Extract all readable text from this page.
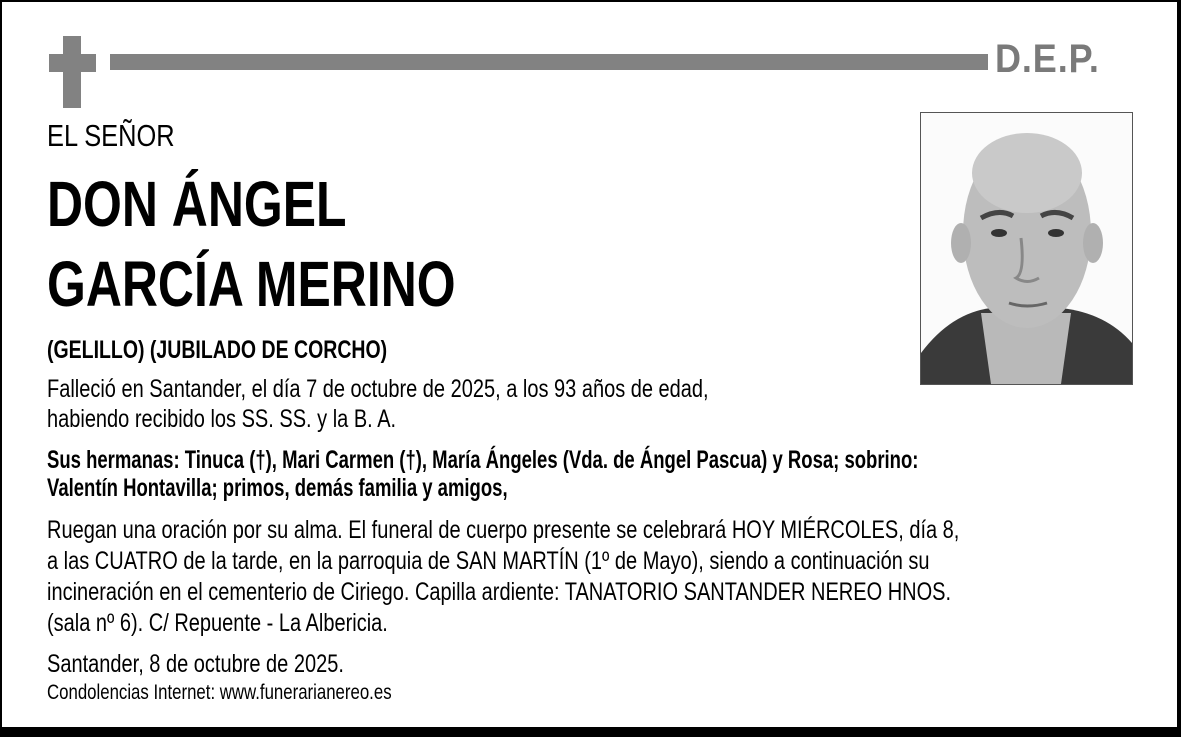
D.E.P.
EL SEÑOR
DON ÁNGEL
GARCÍA MERINO
(GELILLO) (JUBILADO DE CORCHO)
Falleció en Santander, el día 7 de octubre de 2025, a los 93 años de edad,
habiendo recibido los SS. SS. y la B. A.
Sus hermanas: Tinuca (†), Mari Carmen (†), María Ángeles (Vda. de Ángel Pascua) y Rosa; sobrino:
Valentín Hontavilla; primos, demás familia y amigos,
Ruegan una oración por su alma. El funeral de cuerpo presente se celebrará HOY MIÉRCOLES, día 8,
a las CUATRO de la tarde, en la parroquia de SAN MARTÍN (1º de Mayo), siendo a continuación su
incineración en el cementerio de Ciriego. Capilla ardiente: TANATORIO SANTANDER NEREO HNOS.
(sala nº 6). C/ Repuente - La Albericia.
Santander, 8 de octubre de 2025.
Condolencias Internet: www.funerarianereo.es
